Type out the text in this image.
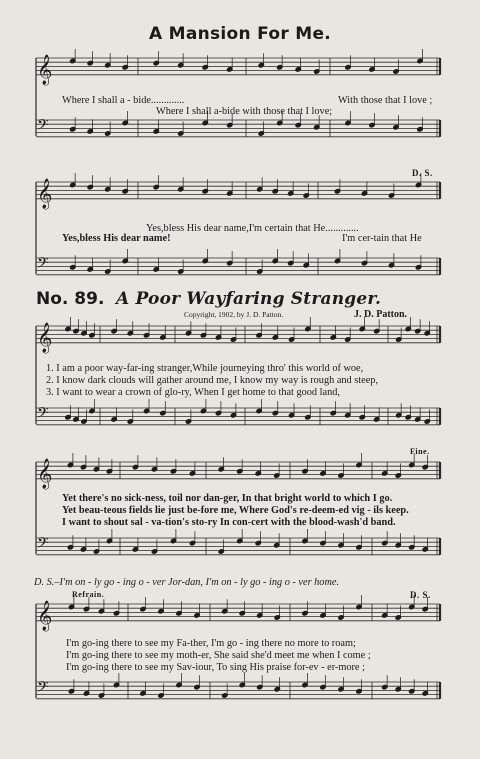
𝄞
𝄢
𝄞
𝄢
𝄞
𝄢
𝄞
𝄢
𝄞
𝄢
A Mansion For Me.
Where I shall a - bide.............	With those that I love ;
Where I shall a-bide with those that I love;
D. S.
Yes,bless His dear name,I'm certain that He.............
Yes,bless His dear name!	I'm cer-tain that He
No. 89. A Poor Wayfaring Stranger.
Copyright, 1902, by J. D. Patton.	J. D. Patton.
1. I am a poor way-far-ing stranger,While journeying thro' this world of woe,
2. I know dark clouds will gather around me, I know my way is rough and steep,
3. I want to wear a crown of glo-ry, When I get home to that good land,
Fine.
Yet there's no sick-ness, toil nor dan-ger, In that bright world to which I go.
Yet beau-teous fields lie just be-fore me, Where God's re-deem-ed vig - ils keep.
I want to shout sal - va-tion's sto-ry In con-cert with the blood-wash'd band.
D. S.–I'm on - ly go - ing o - ver Jor-dan, I'm on - ly go - ing o - ver home.
Refrain.	D. S.
I'm go-ing there to see my Fa-ther, I'm go - ing there no more to roam;
I'm go-ing there to see my moth-er, She said she'd meet me when I come ;
I'm go-ing there to see my Sav-iour, To sing His praise for-ev - er-more ;
